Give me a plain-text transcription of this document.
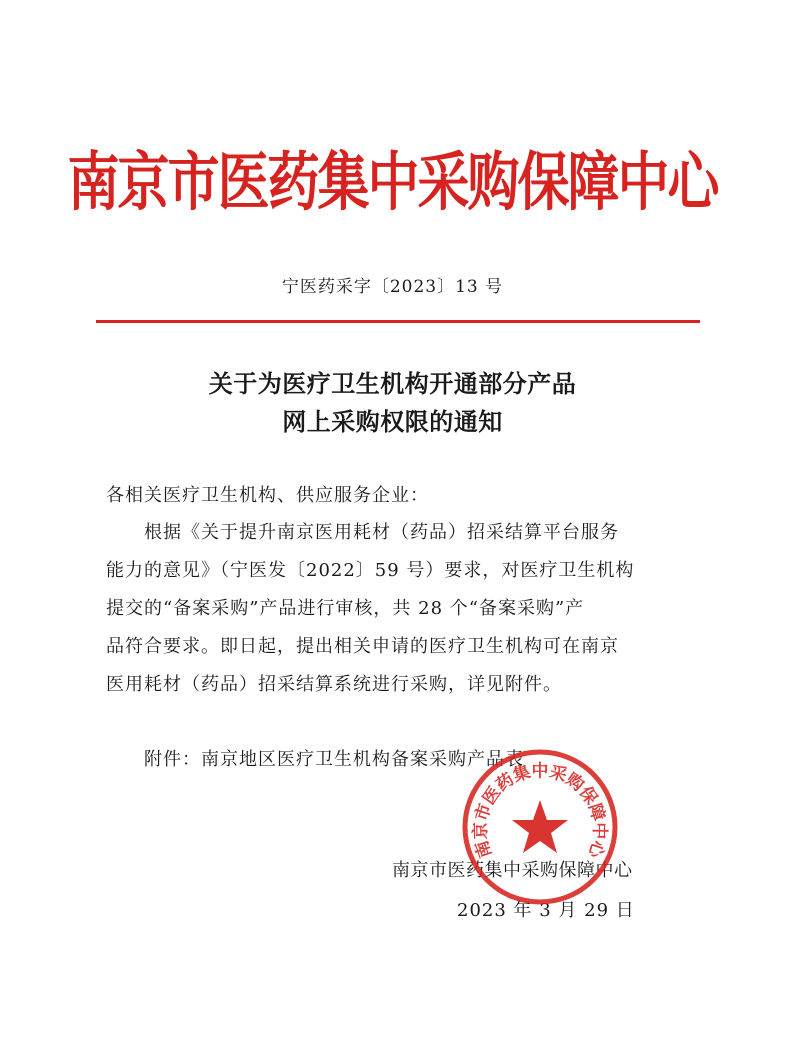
南京市医药集中采购保障中心
宁医药采字〔2023〕13 号
关于为医疗卫生机构开通部分产品
网上采购权限的通知
各相关医疗卫生机构、供应服务企业：
　　根据《关于提升南京医用耗材（药品）招采结算平台服务
能力的意见》（宁医发〔2022〕59 号）要求，对医疗卫生机构
提交的“备案采购”产品进行审核，共 28 个“备案采购”产
品符合要求。即日起，提出相关申请的医疗卫生机构可在南京
医用耗材（药品）招采结算系统进行采购，详见附件。
　　附件：南京地区医疗卫生机构备案采购产品表
南京市医药集中采购保障中心
2023 年 3 月 29 日
南京市医药集中采购保障中心
